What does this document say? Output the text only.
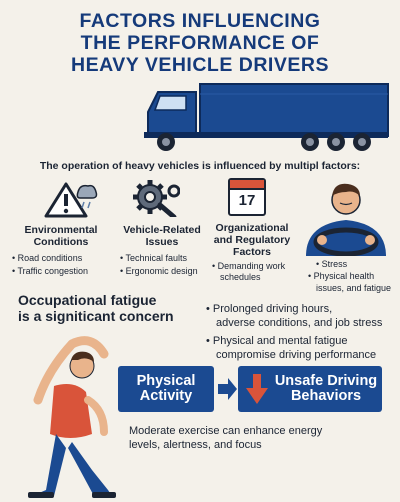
FACTORS INFLUENCING
THE PERFORMANCE OF
HEAVY VEHICLE DRIVERS
The operation of heavy vehicles is influenced by multipl factors:
17
Environmental
Conditions
• Road conditions
• Traffic congestion
Vehicle-Related
Issues
• Technical faults
• Ergonomic design
Organizational
and Regulatory
Factors
• Demanding work
schedules
• Stress
• Physical health
issues, and fatigue
Occupational fatigue
is a signiticant concern	• Prolonged driving hours,
adverse conditions, and job stress
• Physical and mental fatigue
compromise driving performance
Physical
Activity
Unsafe Driving
Behaviors
Moderate exercise can enhance energy
levels, alertness, and focus
